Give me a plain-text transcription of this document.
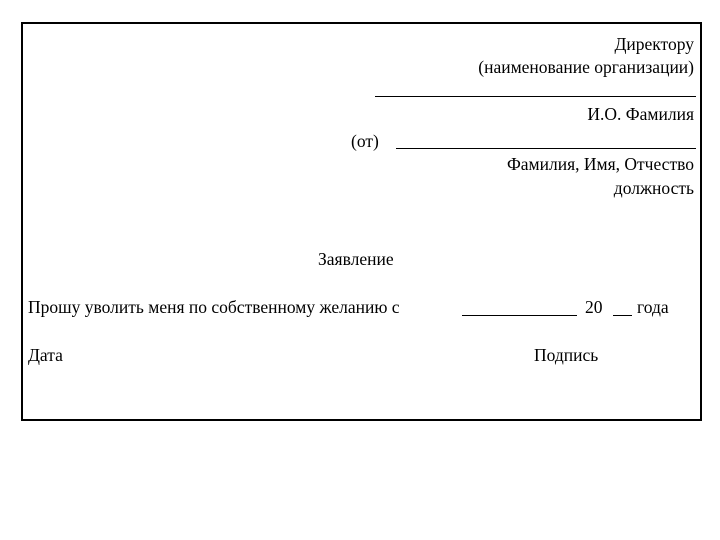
Директору
(наименование организации)
И.О. Фамилия
(от)
Фамилия, Имя, Отчество
должность
Заявление
Прошу уволить меня по собственному желанию с	20 года
Дата	Подпись
